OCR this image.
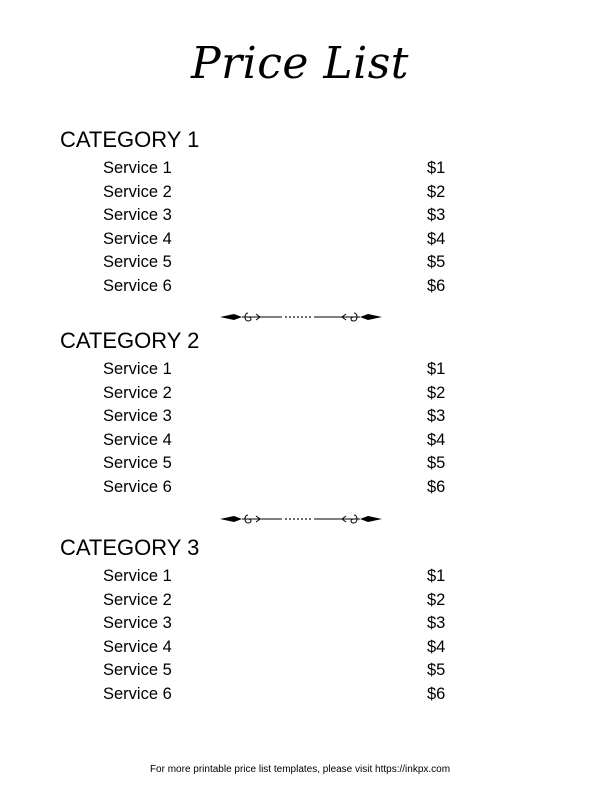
Price List
CATEGORY 1
Service 1	$1
Service 2	$2
Service 3	$3
Service 4	$4
Service 5	$5
Service 6	$6
CATEGORY 2
Service 1	$1
Service 2	$2
Service 3	$3
Service 4	$4
Service 5	$5
Service 6	$6
CATEGORY 3
Service 1	$1
Service 2	$2
Service 3	$3
Service 4	$4
Service 5	$5
Service 6	$6
For more printable price list templates, please visit https://inkpx.com
